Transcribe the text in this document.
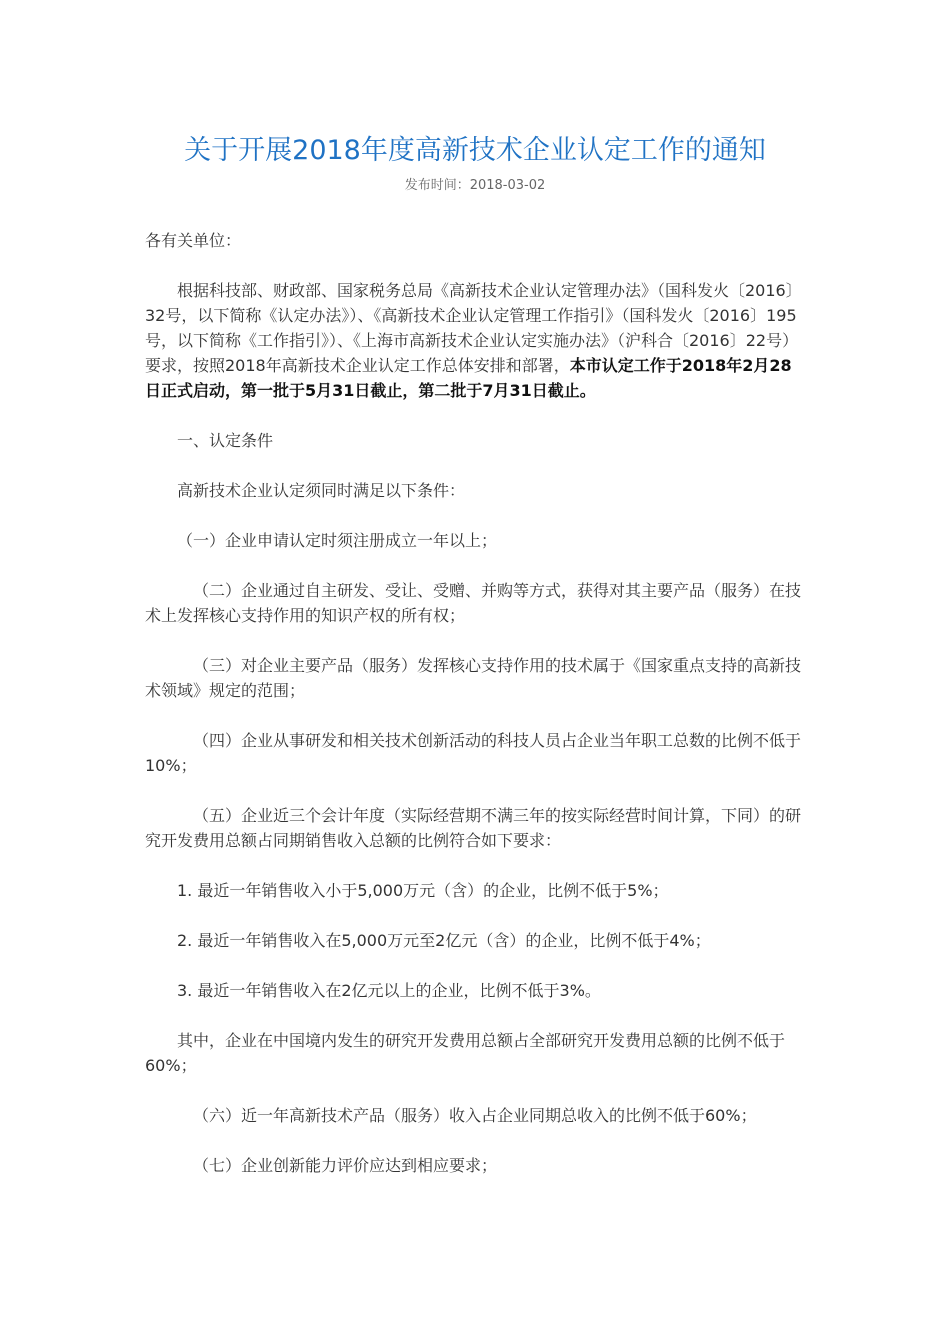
关于开展2018年度高新技术企业认定工作的通知
发布时间：2018-03-02

各有关单位：

根据科技部、财政部、国家税务总局《高新技术企业认定管理办法》（国科发火〔2016〕32号，以下简称《认定办法》）、《高新技术企业认定管理工作指引》（国科发火〔2016〕195号，以下简称《工作指引》）、《上海市高新技术企业认定实施办法》（沪科合〔2016〕22号）要求，按照2018年高新技术企业认定工作总体安排和部署，本市认定工作于2018年2月28日正式启动，第一批于5月31日截止，第二批于7月31日截止。

一、认定条件

高新技术企业认定须同时满足以下条件：

（一）企业申请认定时须注册成立一年以上；

（二）企业通过自主研发、受让、受赠、并购等方式，获得对其主要产品（服务）在技术上发挥核心支持作用的知识产权的所有权；

（三）对企业主要产品（服务）发挥核心支持作用的技术属于《国家重点支持的高新技术领域》规定的范围；

（四）企业从事研发和相关技术创新活动的科技人员占企业当年职工总数的比例不低于10%；

（五）企业近三个会计年度（实际经营期不满三年的按实际经营时间计算，下同）的研究开发费用总额占同期销售收入总额的比例符合如下要求：

1. 最近一年销售收入小于5,000万元（含）的企业，比例不低于5%；

2. 最近一年销售收入在5,000万元至2亿元（含）的企业，比例不低于4%；

3. 最近一年销售收入在2亿元以上的企业，比例不低于3%。

其中，企业在中国境内发生的研究开发费用总额占全部研究开发费用总额的比例不低于60%；

（六）近一年高新技术产品（服务）收入占企业同期总收入的比例不低于60%；

（七）企业创新能力评价应达到相应要求；
